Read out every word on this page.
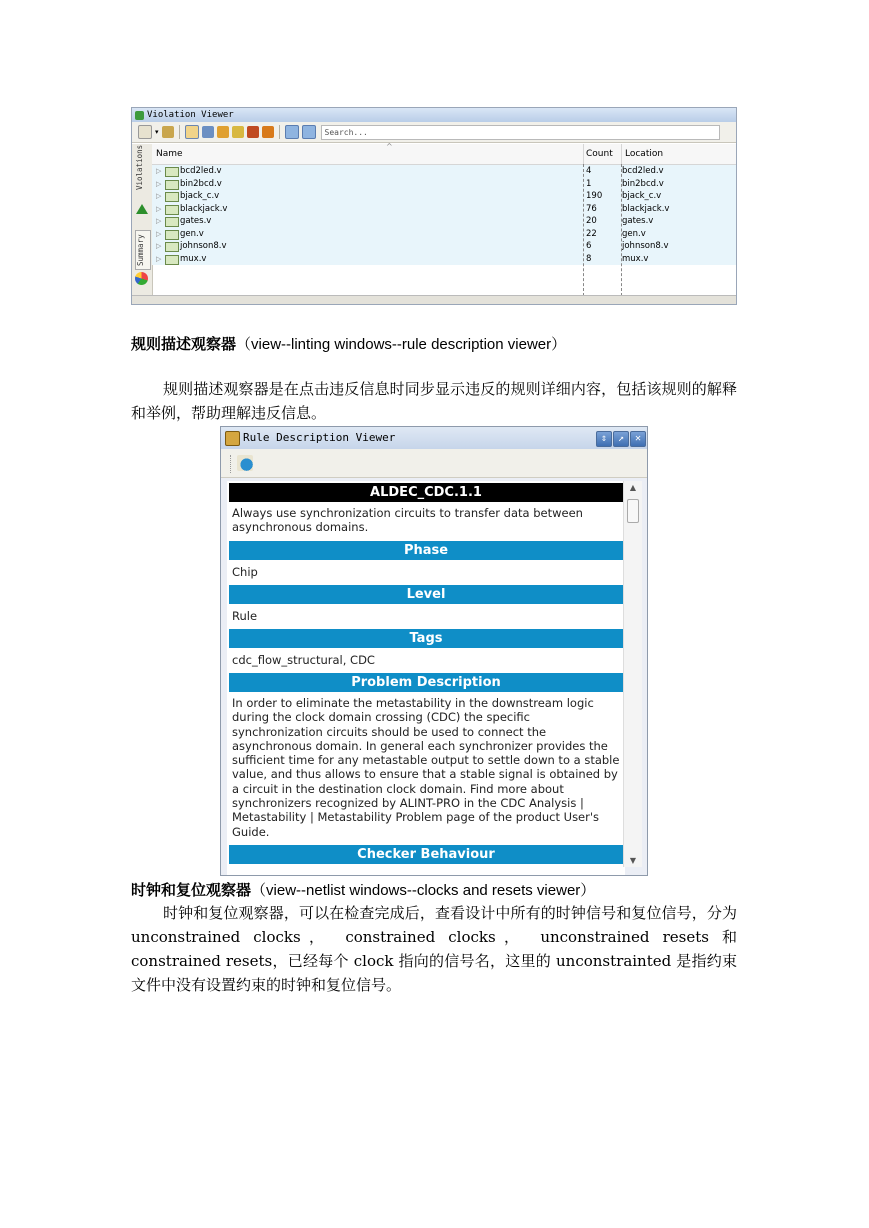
Violation Viewer
▾	Search...
Violations
Summary
^
Name	Count Location
▷ bcd2led.v	4	bcd2led.v
▷ bin2bcd.v	1	bin2bcd.v
▷ bjack_c.v	190 bjack_c.v
▷ blackjack.v	76	blackjack.v
▷ gates.v	20	gates.v
▷ gen.v	22	gen.v
▷ johnson8.v	6	johnson8.v
▷ mux.v	8	mux.v
规则描述观察器（view--linting windows--rule description viewer）
规则描述观察器是在点击违反信息时同步显示违反的规则详细内容，包括该规则的解释和举例，帮助理解违反信息。
Rule Description Viewer	⇕	↗	✕
ALDEC_CDC.1.1
Always use synchronization circuits to transfer data between asynchronous domains.
Phase
Chip
Level
Rule
Tags
cdc_flow_structural, CDC
Problem Description
In order to eliminate the metastability in the downstream logic during the clock domain crossing (CDC) the specific synchronization circuits should be used to connect the asynchronous domain. In general each synchronizer provides the sufficient time for any metastable output to settle down to a stable value, and thus allows to ensure that a stable signal is obtained by a circuit in the destination clock domain. Find more about synchronizers recognized by ALINT-PRO in the CDC Analysis | Metastability | Metastability Problem page of the product User's Guide.
Checker Behaviour
▲
▼
时钟和复位观察器（view--netlist windows--clocks and resets viewer）
时钟和复位观察器，可以在检查完成后，查看设计中所有的时钟信号和复位信号，分为 unconstrained clocks， constrained clocks， unconstrained resets 和 constrained resets，已经每个 clock 指向的信号名，这里的 unconstrainted 是指约束文件中没有设置约束的时钟和复位信号。
